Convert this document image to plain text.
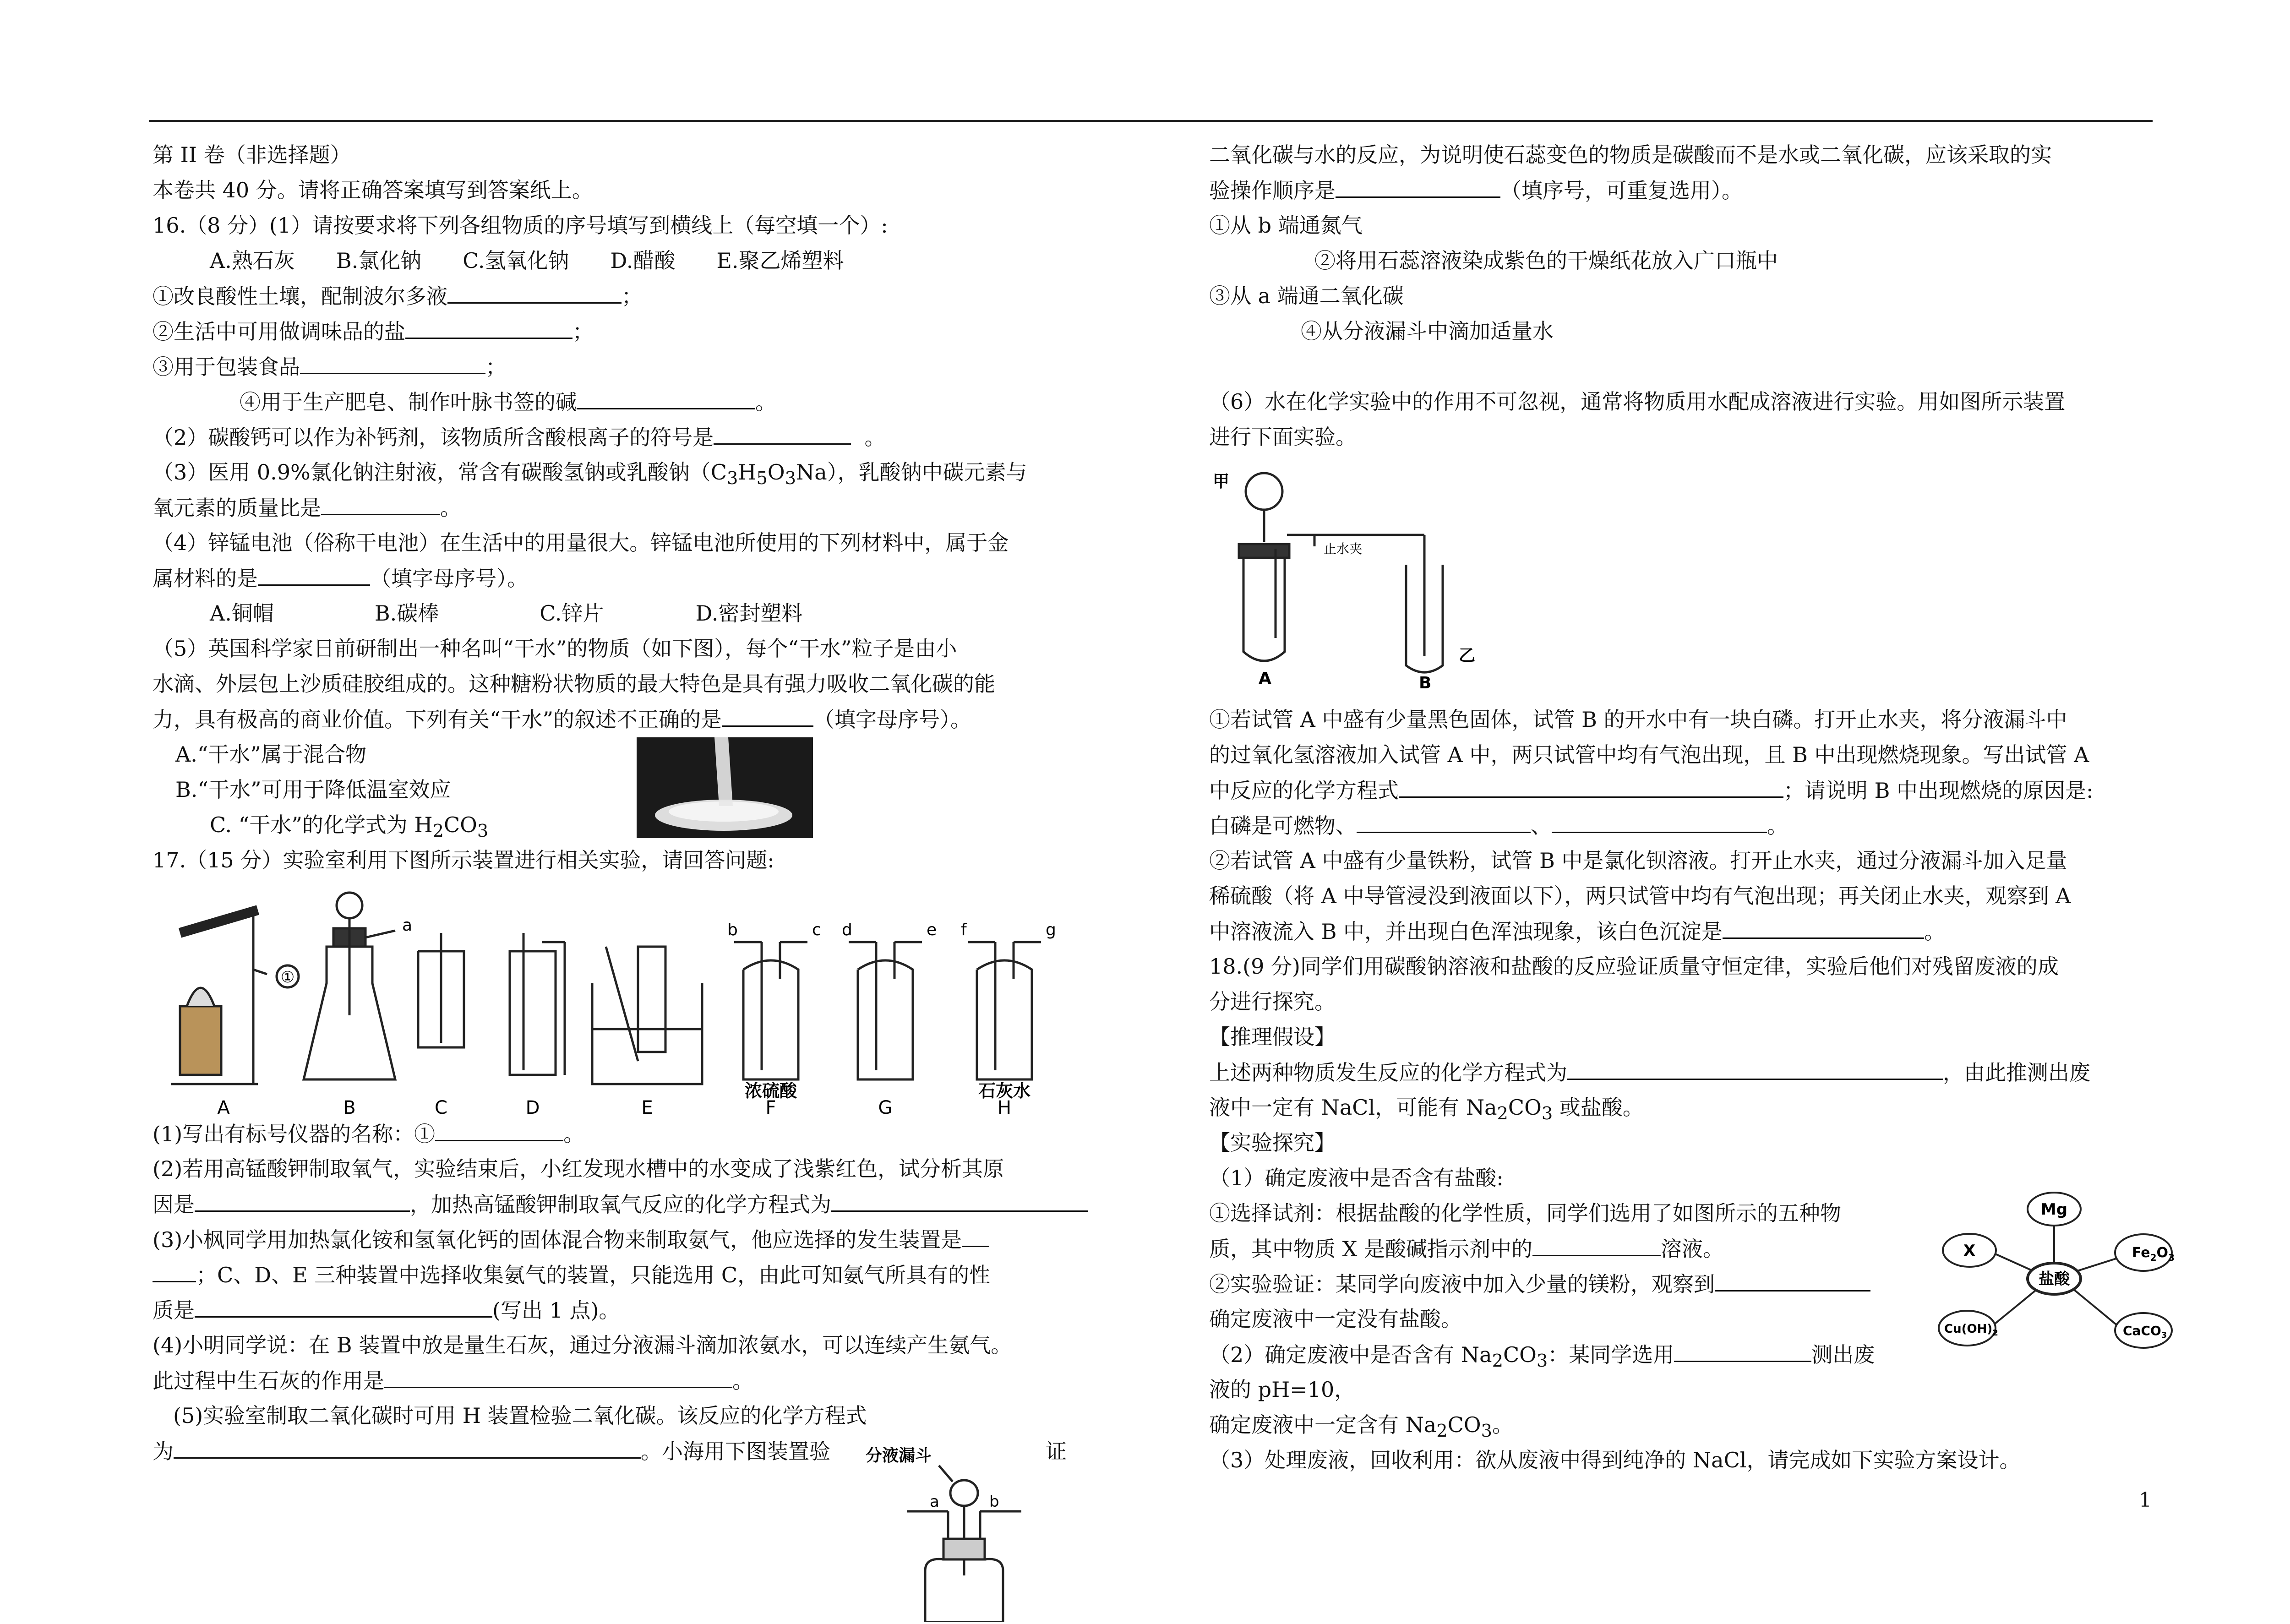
第 II 卷（非选择题）
本卷共 40 分。请将正确答案填写到答案纸上。
16.（8 分）(1）请按要求将下列各组物质的序号填写到横线上（每空填一个）:
A.熟石灰 B.氯化钠 C.氢氧化钠 D.醋酸 E.聚乙烯塑料
①改良酸性土壤，配制波尔多液	；
②生活中可用做调味品的盐	；
③用于包装食品	；
④用于生产肥皂、制作叶脉书签的碱	。
（2）碳酸钙可以作为补钙剂，该物质所含酸根离子的符号是	。
（3）医用 0.9%氯化钠注射液，常含有碳酸氢钠或乳酸钠$(C_3H_5O_3Na)$，乳酸钠中碳元素与
氧元素的质量比是	。
（4）锌锰电池（俗称干电池）在生活中的用量很大。锌锰电池所使用的下列材料中，属于金
属材料的是	（填字母序号）。
A.铜帽	B.碳棒	C.锌片	D.密封塑料
（5）英国科学家日前研制出一种名叫“干水”的物质（如下图），每个“干水”粒子是由小
水滴、外层包上沙质硅胶组成的。这种糖粉状物质的最大特色是具有强力吸收二氧化碳的能
力，具有极高的商业价值。下列有关“干水”的叙述不正确的是	（填字母序号）。
A.“干水”属于混合物
B.“干水”可用于降低温室效应
C. “干水”的化学式为 $H_2CO_3$
17.（15 分）实验室利用下图所示装置进行相关实验，请回答问题:
①
a	b	c d	e f	g
浓硫酸	石灰水
A	B	C	D	E	F	G	H
(1)写出有标号仪器的名称：①	。
(2)若用高锰酸钾制取氧气，实验结束后，小红发现水槽中的水变成了浅紫红色，试分析其原
因是	，加热高锰酸钾制取氧气反应的化学方程式为
(3)小枫同学用加热氯化铵和氢氧化钙的固体混合物来制取氨气，他应选择的发生装置是
；C、D、E 三种装置中选择收集氨气的装置，只能选用 C，由此可知氨气所具有的性
质是	(写出 1 点)。
(4)小明同学说：在 B 装置中放是量生石灰，通过分液漏斗滴加浓氨水，可以连续产生氨气。
此过程中生石灰的作用是	。
(5)实验室制取二氧化碳时可用 H 装置检验二氧化碳。该反应的化学方程式
为	。小海用下图装置验	证
分液漏斗
a	b
二氧化碳与水的反应，为说明使石蕊变色的物质是碳酸而不是水或二氧化碳，应该采取的实
验操作顺序是	（填序号，可重复选用）。
①从 b 端通氮气
②将用石蕊溶液染成紫色的干燥纸花放入广口瓶中
③从 a 端通二氧化碳
④从分液漏斗中滴加适量水
（6）水在化学实验中的作用不可忽视，通常将物质用水配成溶液进行实验。用如图所示装置
进行下面实验。
甲
止水夹
A	B
乙
①若试管 A 中盛有少量黑色固体，试管 B 的开水中有一块白磷。打开止水夹，将分液漏斗中
的过氧化氢溶液加入试管 A 中，两只试管中均有气泡出现，且 B 中出现燃烧现象。写出试管 A
中反应的化学方程式	；请说明 B 中出现燃烧的原因是:
白磷是可燃物、	、	。
②若试管 A 中盛有少量铁粉，试管 B 中是氯化钡溶液。打开止水夹，通过分液漏斗加入足量
稀硫酸（将 A 中导管浸没到液面以下），两只试管中均有气泡出现；再关闭止水夹，观察到 A
中溶液流入 B 中，并出现白色浑浊现象，该白色沉淀是	。
18.(9 分)同学们用碳酸钠溶液和盐酸的反应验证质量守恒定律，实验后他们对残留废液的成
分进行探究。
【推理假设】
上述两种物质发生反应的化学方程式为	，由此推测出废
液中一定有 NaCl，可能有 $Na_2CO_3$ 或盐酸。
【实验探究】
（1）确定废液中是否含有盐酸:
①选择试剂：根据盐酸的化学性质，同学们选用了如图所示的五种物
质，其中物质 X 是酸碱指示剂中的	溶液。
②实验验证：某同学向废液中加入少量的镁粉，观察到
确定废液中一定没有盐酸。
（2）确定废液中是否含有 $Na_2CO_3$：某同学选用	测出废
液的 pH=10，
确定废液中一定含有 $Na_2CO_3$。
（3）处理废液，回收利用：欲从废液中得到纯净的 NaCl，请完成如下实验方案设计。
盐酸
Mg
X	$Fe_2O_3$
$Cu(OH)_2$	CaCO$_3$
1
